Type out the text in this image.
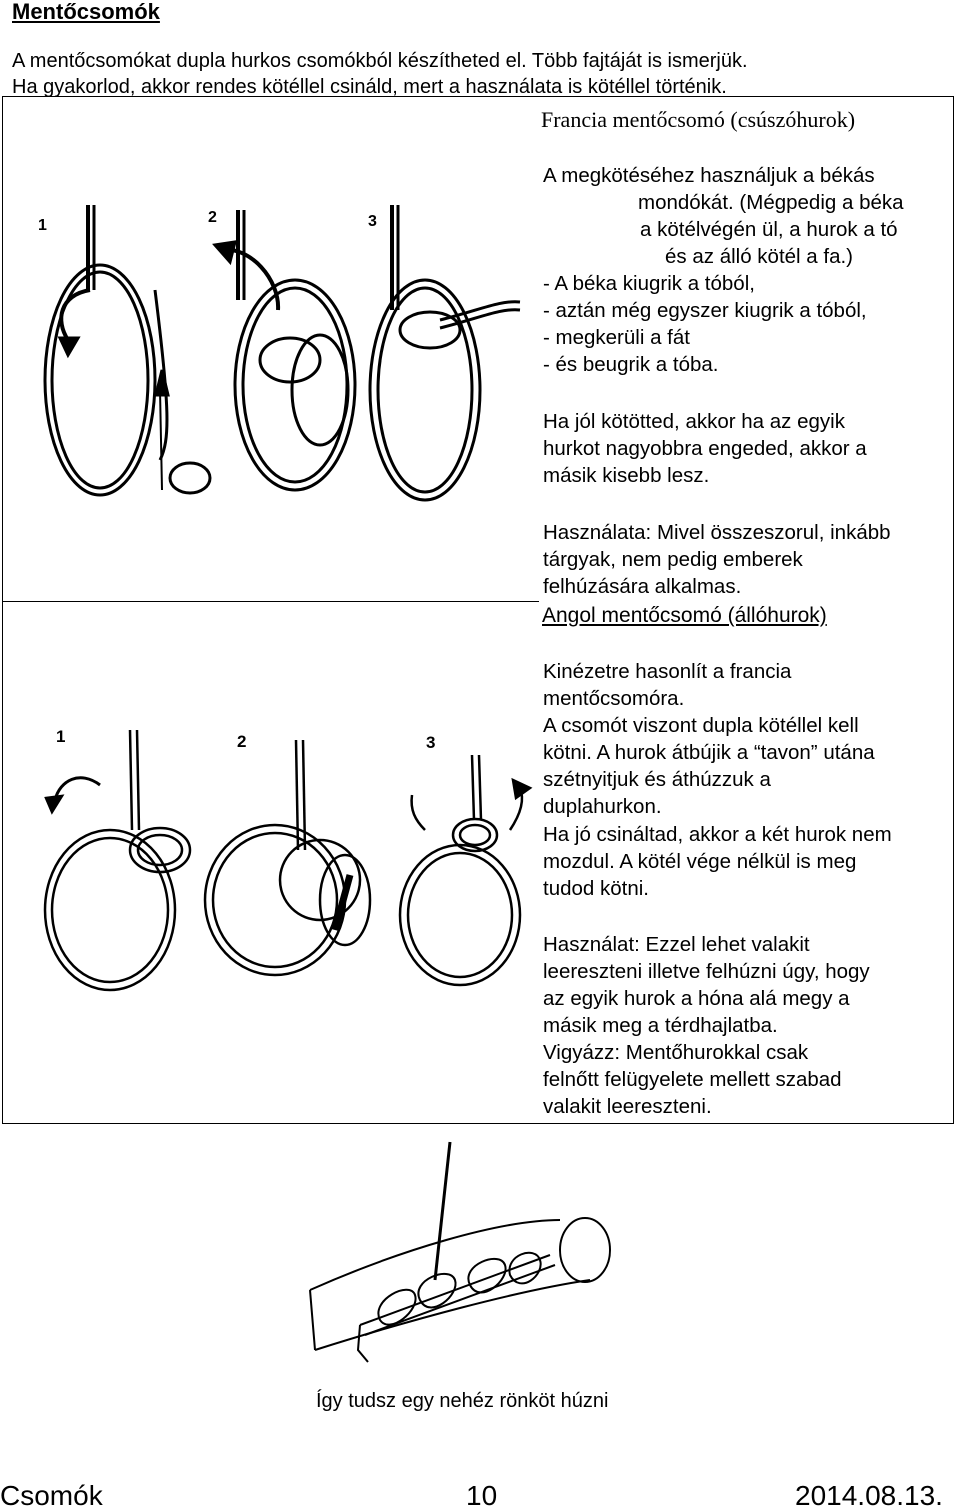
Mentőcsomók
A mentőcsomókat dupla hurkos csomókból készítheted el. Több fajtáját is ismerjük.
Ha gyakorlod, akkor rendes kötéllel csináld, mert a használata is kötéllel történik.
Francia mentőcsomó (csúszóhurok)
A megkötéséhez használjuk a békás
mondókát. (Mégpedig a béka
a kötélvégén ül, a hurok a tó
és az álló kötél a fa.)
- A béka kiugrik a tóból,
- aztán még egyszer kiugrik a tóból,
- megkerüli a fát
- és beugrik a tóba.
Ha jól kötötted, akkor ha az egyik
hurkot nagyobbra engeded, akkor a
másik kisebb lesz.
Használata: Mivel összeszorul, inkább
tárgyak, nem pedig emberek
felhúzására alkalmas.
1	2	3
Angol mentőcsomó (állóhurok)
Kinézetre hasonlít a francia
mentőcsomóra.
A csomót viszont dupla kötéllel kell
kötni. A hurok átbújik a “tavon” utána
szétnyitjuk és áthúzzuk a
duplahurkon.
Ha jó csináltad, akkor a két hurok nem
mozdul. A kötél vége nélkül is meg
tudod kötni.
Használat: Ezzel lehet valakit
leereszteni illetve felhúzni úgy, hogy
az egyik hurok a hóna alá megy a
másik meg a térdhajlatba.
Vigyázz: Mentőhurokkal csak
felnőtt felügyelete mellett szabad
valakit leereszteni.
1	2	3
Így tudsz egy nehéz rönköt húzni
Csomók	10	2014.08.13.
